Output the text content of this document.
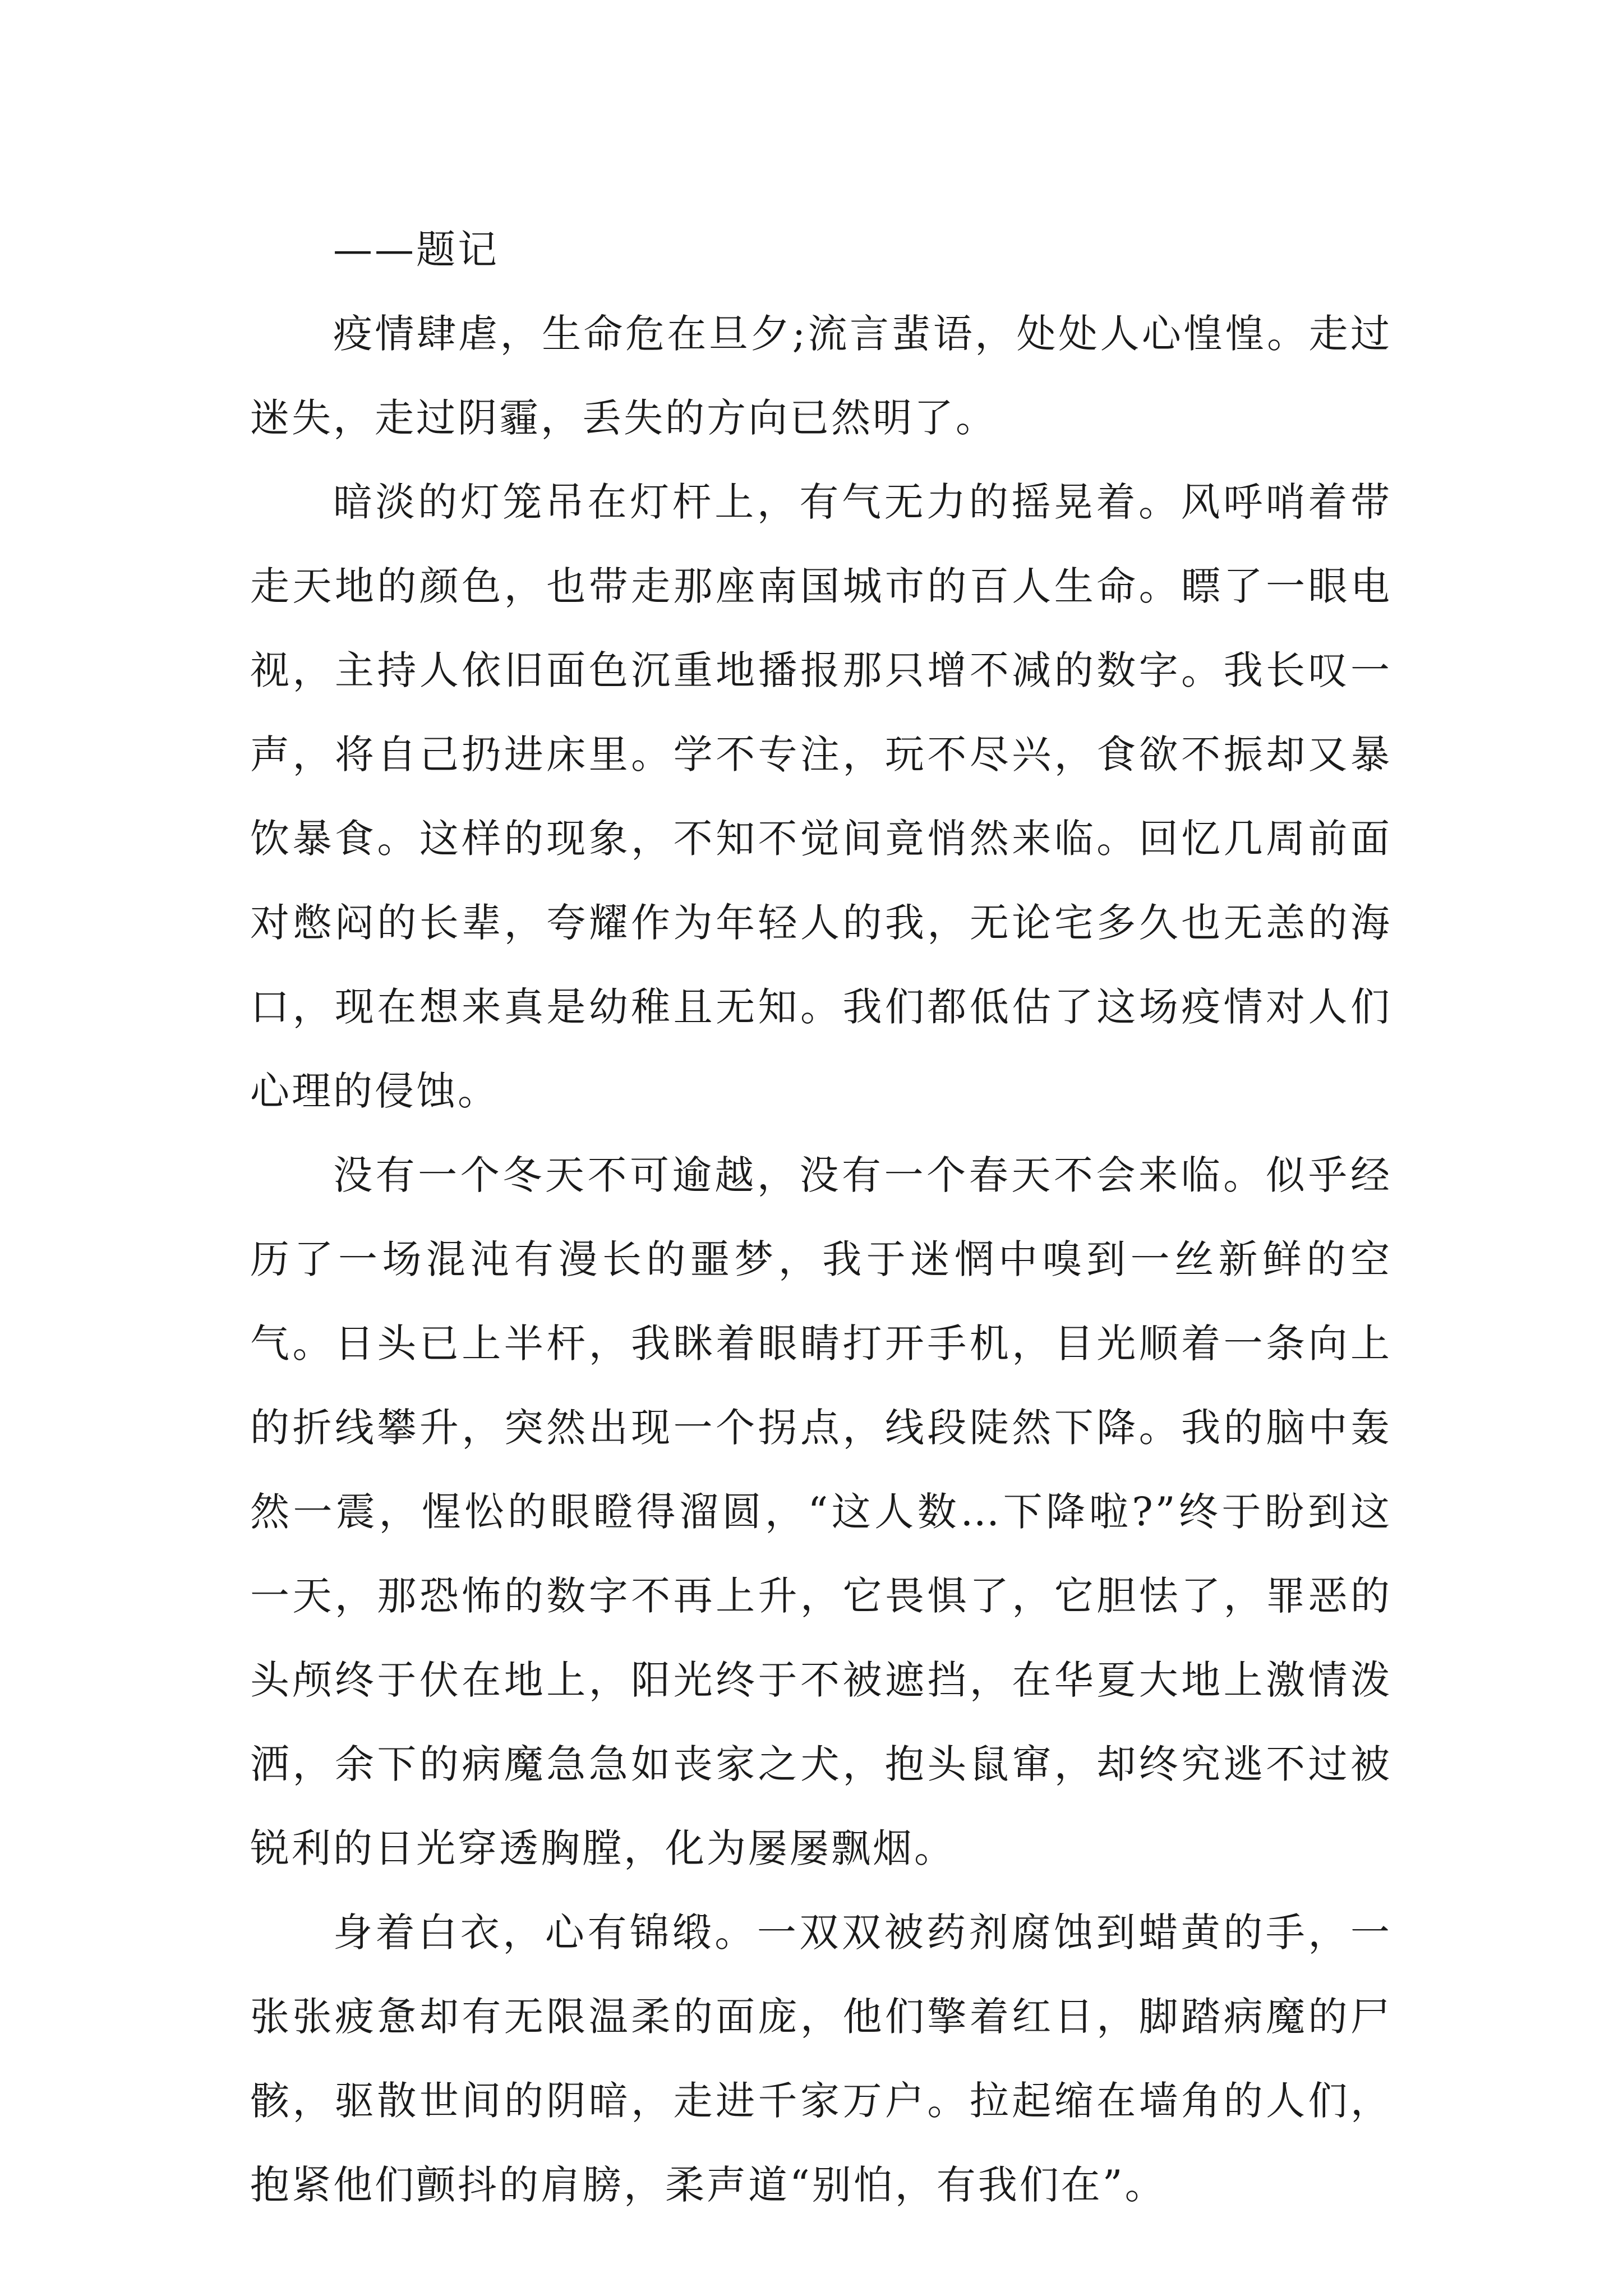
——题记

疫情肆虐，生命危在旦夕;流言蜚语，处处人心惶惶。走过迷失，走过阴霾，丢失的方向已然明了。

暗淡的灯笼吊在灯杆上，有气无力的摇晃着。风呼哨着带走天地的颜色，也带走那座南国城市的百人生命。瞟了一眼电视，主持人依旧面色沉重地播报那只增不减的数字。我长叹一声，将自己扔进床里。学不专注，玩不尽兴，食欲不振却又暴饮暴食。这样的现象，不知不觉间竟悄然来临。回忆几周前面对憋闷的长辈，夸耀作为年轻人的我，无论宅多久也无恙的海口，现在想来真是幼稚且无知。我们都低估了这场疫情对人们心理的侵蚀。

没有一个冬天不可逾越，没有一个春天不会来临。似乎经历了一场混沌有漫长的噩梦，我于迷惘中嗅到一丝新鲜的空气。日头已上半杆，我眯着眼睛打开手机，目光顺着一条向上的折线攀升，突然出现一个拐点，线段陡然下降。我的脑中轰然一震，惺忪的眼瞪得溜圆，“这人数…下降啦?”终于盼到这一天，那恐怖的数字不再上升，它畏惧了，它胆怯了，罪恶的头颅终于伏在地上，阳光终于不被遮挡，在华夏大地上激情泼洒，余下的病魔急急如丧家之犬，抱头鼠窜，却终究逃不过被锐利的日光穿透胸膛，化为屡屡飘烟。

身着白衣，心有锦缎。一双双被药剂腐蚀到蜡黄的手，一张张疲惫却有无限温柔的面庞，他们擎着红日，脚踏病魔的尸骸，驱散世间的阴暗，走进千家万户。拉起缩在墙角的人们，抱紧他们颤抖的肩膀，柔声道“别怕，有我们在”。
